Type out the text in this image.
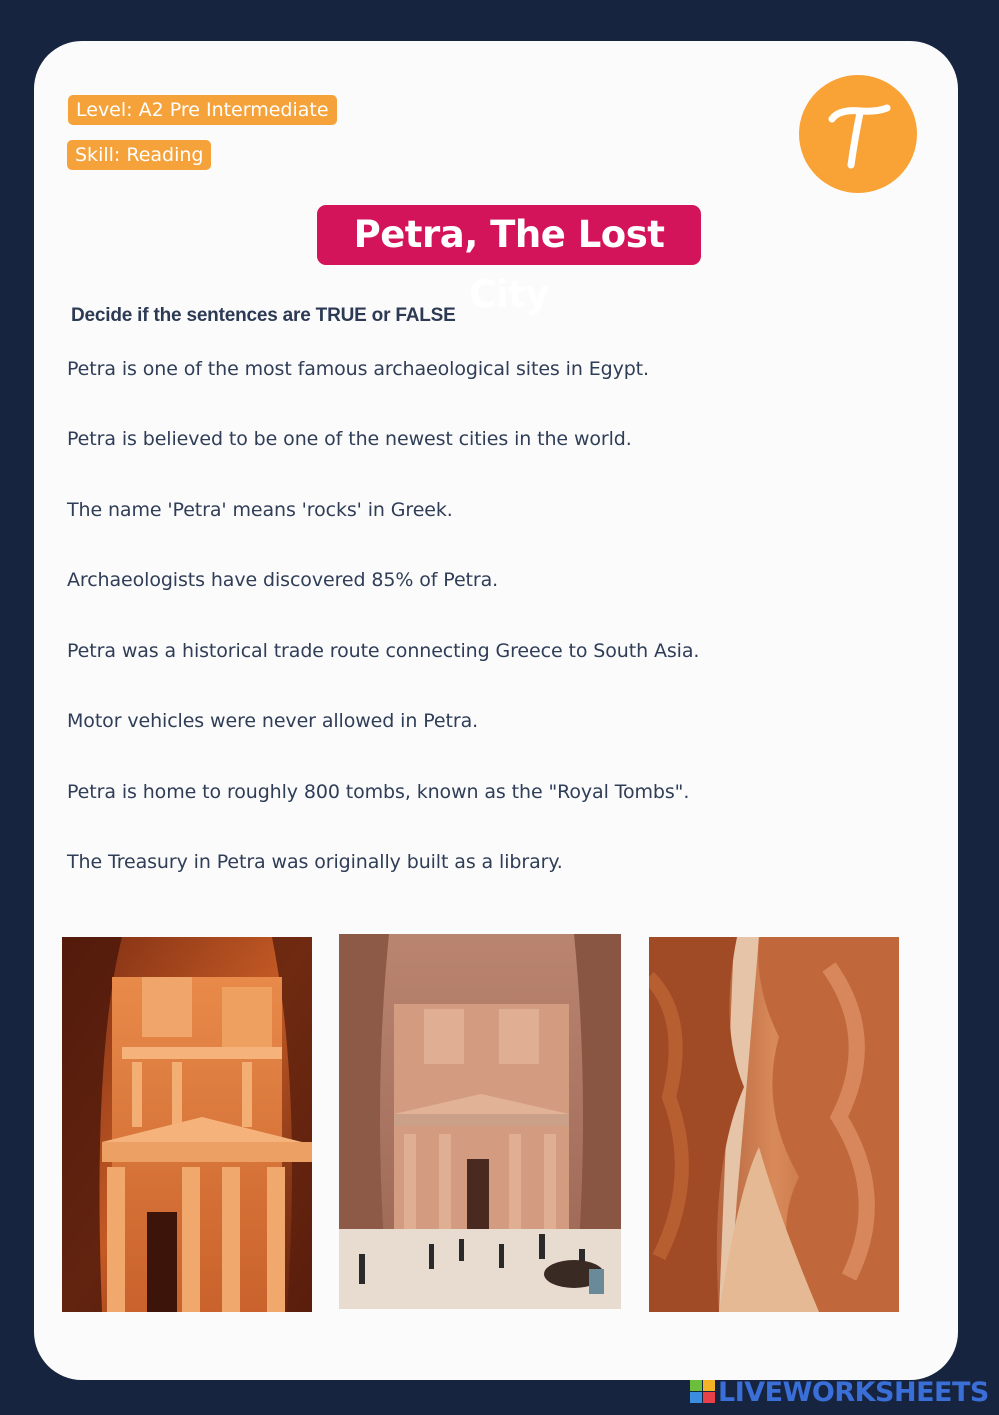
Level: A2 Pre Intermediate
Skill: Reading
Petra, The Lost City
Decide if the sentences are TRUE or FALSE
Petra is one of the most famous archaeological sites in Egypt.
Petra is believed to be one of the newest cities in the world.
The name 'Petra' means 'rocks' in Greek.
Archaeologists have discovered 85% of Petra.
Petra was a historical trade route connecting Greece to South Asia.
Motor vehicles were never allowed in Petra.
Petra is home to roughly 800 tombs, known as the "Royal Tombs".
The Treasury in Petra was originally built as a library.
LIVEWORKSHEETS
